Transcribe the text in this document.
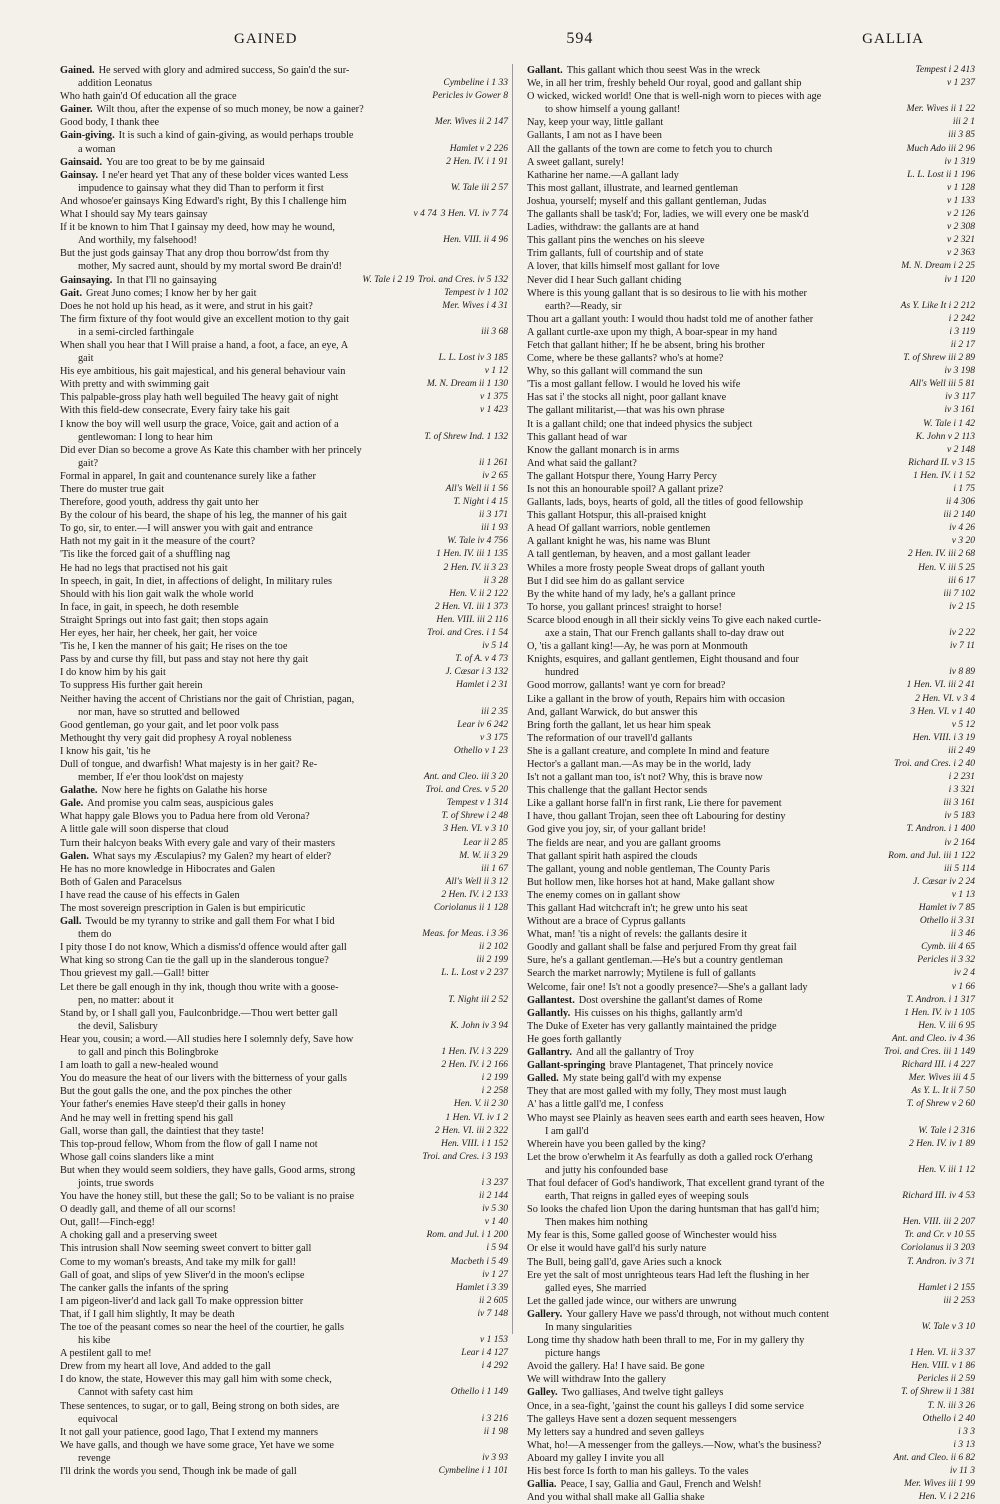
GAINED	594	GALLIA
Gained. He served with glory and admired success, So gain'd the sur-
Cymbeline i 1 33
addition Leonatus
Pericles iv Gower 8
Who hath gain'd Of education all the grace
Gainer. Wilt thou, after the expense of so much money, be now a gainer?
Mer. Wives ii 2 147
Good body, I thank thee
Gain-giving. It is such a kind of gain-giving, as would perhaps trouble
Hamlet v 2 226
a woman
2 Hen. IV. i 1 91
Gainsaid. You are too great to be by me gainsaid
Gainsay. I ne'er heard yet That any of these bolder vices wanted Less
W. Tale iii 2 57
impudence to gainsay what they did Than to perform it first
And whosoe'er gainsays King Edward's right, By this I challenge him
3 Hen. VI. iv 7 74
v 4 74
What I should say My tears gainsay
If it be known to him That I gainsay my deed, how may he wound,
Hen. VIII. ii 4 96
And worthily, my falsehood!
But the just gods gainsay That any drop thou borrow'dst from thy
mother, My sacred aunt, should by my mortal sword Be drain'd!
Troi. and Cres. iv 5 132
W. Tale i 2 19
Gainsaying. In that I'll no gainsaying
Tempest iv 1 102
Gait. Great Juno comes; I know her by her gait
Mer. Wives i 4 31
Does he not hold up his head, as it were, and strut in his gait?
The firm fixture of thy foot would give an excellent motion to thy gait
iii 3 68
in a semi-circled farthingale
When shall you hear that I Will praise a hand, a foot, a face, an eye, A
L. L. Lost iv 3 185
gait
v 1 12
His eye ambitious, his gait majestical, and his general behaviour vain
M. N. Dream ii 1 130
With pretty and with swimming gait
v 1 375
This palpable-gross play hath well beguiled The heavy gait of night
v 1 423
With this field-dew consecrate, Every fairy take his gait
I know the boy will well usurp the grace, Voice, gait and action of a
T. of Shrew Ind. 1 132
gentlewoman: I long to hear him
Did ever Dian so become a grove As Kate this chamber with her princely
ii 1 261
gait?
iv 2 65
Formal in apparel, In gait and countenance surely like a father
All's Well ii 1 56
There do muster true gait
T. Night i 4 15
Therefore, good youth, address thy gait unto her
ii 3 171
By the colour of his beard, the shape of his leg, the manner of his gait
iii 1 93
To go, sir, to enter.—I will answer you with gait and entrance
W. Tale iv 4 756
Hath not my gait in it the measure of the court?
1 Hen. IV. iii 1 135
'Tis like the forced gait of a shuffling nag
2 Hen. IV. ii 3 23
He had no legs that practised not his gait
ii 3 28
In speech, in gait, In diet, in affections of delight, In military rules
Hen. V. ii 2 122
Should with his lion gait walk the whole world
2 Hen. VI. iii 1 373
In face, in gait, in speech, he doth resemble
Hen. VIII. iii 2 116
Straight Springs out into fast gait; then stops again
Troi. and Cres. i 1 54
Her eyes, her hair, her cheek, her gait, her voice
iv 5 14
'Tis he, I ken the manner of his gait; He rises on the toe
T. of A. v 4 73
Pass by and curse thy fill, but pass and stay not here thy gait
J. Cæsar i 3 132
I do know him by his gait
Hamlet i 2 31
To suppress His further gait herein
Neither having the accent of Christians nor the gait of Christian, pagan,
iii 2 35
nor man, have so strutted and bellowed
Lear iv 6 242
Good gentleman, go your gait, and let poor volk pass
v 3 175
Methought thy very gait did prophesy A royal nobleness
Othello v 1 23
I know his gait, 'tis he
Dull of tongue, and dwarfish! What majesty is in her gait? Re-
Ant. and Cleo. iii 3 20
member, If e'er thou look'dst on majesty
Troi. and Cres. v 5 20
Galathe. Now here he fights on Galathe his horse
Tempest v 1 314
Gale. And promise you calm seas, auspicious gales
T. of Shrew i 2 48
What happy gale Blows you to Padua here from old Verona?
3 Hen. VI. v 3 10
A little gale will soon disperse that cloud
Lear ii 2 85
Turn their halcyon beaks With every gale and vary of their masters
M. W. ii 3 29
Galen. What says my Æsculapius? my Galen? my heart of elder?
iii 1 67
He has no more knowledge in Hibocrates and Galen
All's Well ii 3 12
Both of Galen and Paracelsus
2 Hen. IV. i 2 133
I have read the cause of his effects in Galen
Coriolanus ii 1 128
The most sovereign prescription in Galen is but empiricutic
Gall. Twould be my tyranny to strike and gall them For what I bid
Meas. for Meas. i 3 36
them do
ii 2 102
I pity those I do not know, Which a dismiss'd offence would after gall
iii 2 199
What king so strong Can tie the gall up in the slanderous tongue?
L. L. Lost v 2 237
Thou grievest my gall.—Gall! bitter
Let there be gall enough in thy ink, though thou write with a goose-
T. Night iii 2 52
pen, no matter: about it
Stand by, or I shall gall you, Faulconbridge.—Thou wert better gall
K. John iv 3 94
the devil, Salisbury
Hear you, cousin; a word.—All studies here I solemnly defy, Save how
1 Hen. IV. i 3 229
to gall and pinch this Bolingbroke
2 Hen. IV. i 2 166
I am loath to gall a new-healed wound
i 2 199
You do measure the heat of our livers with the bitterness of your galls
i 2 258
But the gout galls the one, and the pox pinches the other
Hen. V. ii 2 30
Your father's enemies Have steep'd their galls in honey
1 Hen. VI. iv 1 2
And he may well in fretting spend his gall
2 Hen. VI. iii 2 322
Gall, worse than gall, the daintiest that they taste!
Hen. VIII. i 1 152
This top-proud fellow, Whom from the flow of gall I name not
Troi. and Cres. i 3 193
Whose gall coins slanders like a mint
But when they would seem soldiers, they have galls, Good arms, strong
i 3 237
joints, true swords
ii 2 144
You have the honey still, but these the gall; So to be valiant is no praise
iv 5 30
O deadly gall, and theme of all our scorns!
v 1 40
Out, gall!—Finch-egg!
Rom. and Jul. i 1 200
A choking gall and a preserving sweet
i 5 94
This intrusion shall Now seeming sweet convert to bitter gall
Macbeth i 5 49
Come to my woman's breasts, And take my milk for gall!
iv 1 27
Gall of goat, and slips of yew Sliver'd in the moon's eclipse
Hamlet i 3 39
The canker galls the infants of the spring
ii 2 605
I am pigeon-liver'd and lack gall To make oppression bitter
iv 7 148
That, if I gall him slightly, It may be death
The toe of the peasant comes so near the heel of the courtier, he galls
v 1 153
his kibe
Lear i 4 127
A pestilent gall to me!
i 4 292
Drew from my heart all love, And added to the gall
I do know, the state, However this may gall him with some check,
Othello i 1 149
Cannot with safety cast him
These sentences, to sugar, or to gall, Being strong on both sides, are
i 3 216
equivocal
ii 1 98
It not gall your patience, good Iago, That I extend my manners
We have galls, and though we have some grace, Yet have we some
iv 3 93
revenge
Cymbeline i 1 101
I'll drink the words you send, Though ink be made of gall
Tempest i 2 413
Gallant. This gallant which thou seest Was in the wreck
v 1 237
We, in all her trim, freshly beheld Our royal, good and gallant ship
O wicked, wicked world! One that is well-nigh worn to pieces with age
Mer. Wives ii 1 22
to show himself a young gallant!
iii 2 1
Nay, keep your way, little gallant
iii 3 85
Gallants, I am not as I have been
Much Ado iii 2 96
All the gallants of the town are come to fetch you to church
iv 1 319
A sweet gallant, surely!
L. L. Lost ii 1 196
Katharine her name.—A gallant lady
v 1 128
This most gallant, illustrate, and learned gentleman
v 1 133
Joshua, yourself; myself and this gallant gentleman, Judas
v 2 126
The gallants shall be task'd; For, ladies, we will every one be mask'd
v 2 308
Ladies, withdraw: the gallants are at hand
v 2 321
This gallant pins the wenches on his sleeve
v 2 363
Trim gallants, full of courtship and of state
M. N. Dream i 2 25
A lover, that kills himself most gallant for love
iv 1 120
Never did I hear Such gallant chiding
Where is this young gallant that is so desirous to lie with his mother
As Y. Like It i 2 212
earth?—Ready, sir
i 2 242
Thou art a gallant youth: I would thou hadst told me of another father
i 3 119
A gallant curtle-axe upon my thigh, A boar-spear in my hand
ii 2 17
Fetch that gallant hither; If he be absent, bring his brother
T. of Shrew iii 2 89
Come, where be these gallants? who's at home?
iv 3 198
Why, so this gallant will command the sun
All's Well iii 5 81
'Tis a most gallant fellow. I would he loved his wife
iv 3 117
Has sat i' the stocks all night, poor gallant knave
iv 3 161
The gallant militarist,—that was his own phrase
W. Tale i 1 42
It is a gallant child; one that indeed physics the subject
K. John v 2 113
This gallant head of war
v 2 148
Know the gallant monarch is in arms
Richard II. v 3 15
And what said the gallant?
1 Hen. IV. i 1 52
The gallant Hotspur there, Young Harry Percy
i 1 75
Is not this an honourable spoil? A gallant prize?
ii 4 306
Gallants, lads, boys, hearts of gold, all the titles of good fellowship
iii 2 140
This gallant Hotspur, this all-praised knight
iv 4 26
A head Of gallant warriors, noble gentlemen
v 3 20
A gallant knight he was, his name was Blunt
2 Hen. IV. iii 2 68
A tall gentleman, by heaven, and a most gallant leader
Hen. V. iii 5 25
Whiles a more frosty people Sweat drops of gallant youth
iii 6 17
But I did see him do as gallant service
iii 7 102
By the white hand of my lady, he's a gallant prince
iv 2 15
To horse, you gallant princes! straight to horse!
Scarce blood enough in all their sickly veins To give each naked curtle-
iv 2 22
axe a stain, That our French gallants shall to-day draw out
iv 7 11
O, 'tis a gallant king!—Ay, he was porn at Monmouth
Knights, esquires, and gallant gentlemen, Eight thousand and four
iv 8 89
hundred
1 Hen. VI. iii 2 41
Good morrow, gallants! want ye corn for bread?
2 Hen. VI. v 3 4
Like a gallant in the brow of youth, Repairs him with occasion
3 Hen. VI. v 1 40
And, gallant Warwick, do but answer this
v 5 12
Bring forth the gallant, let us hear him speak
Hen. VIII. i 3 19
The reformation of our travell'd gallants
iii 2 49
She is a gallant creature, and complete In mind and feature
Troi. and Cres. i 2 40
Hector's a gallant man.—As may be in the world, lady
i 2 231
Is't not a gallant man too, is't not? Why, this is brave now
i 3 321
This challenge that the gallant Hector sends
iii 3 161
Like a gallant horse fall'n in first rank, Lie there for pavement
iv 5 183
I have, thou gallant Trojan, seen thee oft Labouring for destiny
T. Andron. i 1 400
God give you joy, sir, of your gallant bride!
iv 2 164
The fields are near, and you are gallant grooms
Rom. and Jul. iii 1 122
That gallant spirit hath aspired the clouds
iii 5 114
The gallant, young and noble gentleman, The County Paris
J. Cæsar iv 2 24
But hollow men, like horses hot at hand, Make gallant show
v 1 13
The enemy comes on in gallant show
Hamlet iv 7 85
This gallant Had witchcraft in't; he grew unto his seat
Othello ii 3 31
Without are a brace of Cyprus gallants
ii 3 46
What, man! 'tis a night of revels: the gallants desire it
Cymb. iii 4 65
Goodly and gallant shall be false and perjured From thy great fail
Pericles ii 3 32
Sure, he's a gallant gentleman.—He's but a country gentleman
iv 2 4
Search the market narrowly; Mytilene is full of gallants
v 1 66
Welcome, fair one! Is't not a goodly presence?—She's a gallant lady
T. Andron. i 1 317
Gallantest. Dost overshine the gallant'st dames of Rome
1 Hen. IV. iv 1 105
Gallantly. His cuisses on his thighs, gallantly arm'd
Hen. V. iii 6 95
The Duke of Exeter has very gallantly maintained the pridge
Ant. and Cleo. iv 4 36
He goes forth gallantly
Troi. and Cres. iii 1 149
Gallantry. And all the gallantry of Troy
Richard III. i 4 227
Gallant-springing brave Plantagenet, That princely novice
Mer. Wives iii 4 5
Galled. My state being gall'd with my expense
As Y. L. It ii 7 50
They that are most galled with my folly, They most must laugh
T. of Shrew v 2 60
A' has a little gall'd me, I confess
Who mayst see Plainly as heaven sees earth and earth sees heaven, How
W. Tale i 2 316
I am gall'd
2 Hen. IV. iv 1 89
Wherein have you been galled by the king?
Let the brow o'erwhelm it As fearfully as doth a galled rock O'erhang
Hen. V. iii 1 12
and jutty his confounded base
That foul defacer of God's handiwork, That excellent grand tyrant of the
Richard III. iv 4 53
earth, That reigns in galled eyes of weeping souls
So looks the chafed lion Upon the daring huntsman that has gall'd him;
Hen. VIII. iii 2 207
Then makes him nothing
Tr. and Cr. v 10 55
My fear is this, Some galled goose of Winchester would hiss
Coriolanus ii 3 203
Or else it would have gall'd his surly nature
T. Andron. iv 3 71
The Bull, being gall'd, gave Aries such a knock
Ere yet the salt of most unrighteous tears Had left the flushing in her
Hamlet i 2 155
galled eyes, She married
iii 2 253
Let the galled jade wince, our withers are unwrung
Gallery. Your gallery Have we pass'd through, not without much content
W. Tale v 3 10
In many singularities
Long time thy shadow hath been thrall to me, For in my gallery thy
1 Hen. VI. ii 3 37
picture hangs
Hen. VIII. v 1 86
Avoid the gallery. Ha! I have said. Be gone
Pericles ii 2 59
We will withdraw Into the gallery
T. of Shrew ii 1 381
Galley. Two galliases, And twelve tight galleys
T. N. iii 3 26
Once, in a sea-fight, 'gainst the count his galleys I did some service
Othello i 2 40
The galleys Have sent a dozen sequent messengers
i 3 3
My letters say a hundred and seven galleys
i 3 13
What, ho!—A messenger from the galleys.—Now, what's the business?
Ant. and Cleo. ii 6 82
Aboard my galley I invite you all
iv 11 3
His best force Is forth to man his galleys. To the vales
Mer. Wives iii 1 99
Gallia. Peace, I say, Gallia and Gaul, French and Welsh!
Hen. V. i 2 216
And you withal shall make all Gallia shake
